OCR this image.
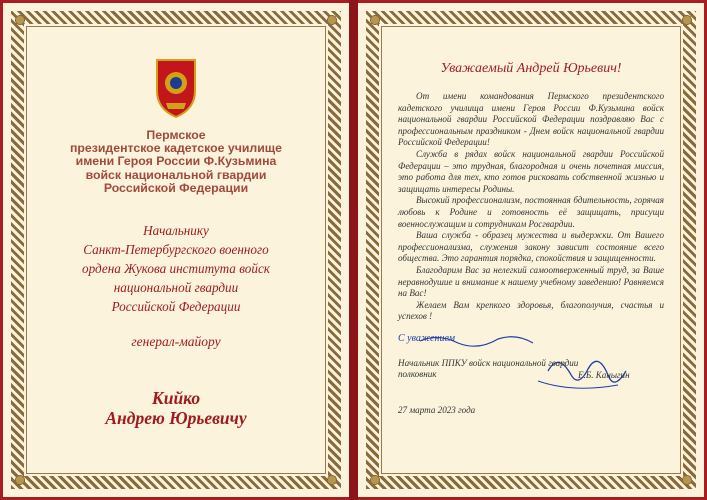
Пермское
президентское кадетское училище
имени Героя России Ф.Кузьмина
войск национальной гвардии
Российской Федерации
Начальнику
Санкт-Петербургского военного
ордена Жукова института войск
национальной гвардии
Российской Федерации
генерал-майору
Кийко
Андрею Юрьевичу
Уважаемый Андрей Юрьевич!

От имени командования Пермского президентского кадетского училища имени Героя России Ф.Кузьмина войск национальной гвардии Российской Федерации поздравляю Вас с профессиональным праздником - Днем войск национальной гвардии Российской Федерации!

Служба в рядах войск национальной гвардии Российской Федерации – это трудная, благородная и очень почетная миссия, это работа для тех, кто готов рисковать собственной жизнью и защищать интересы Родины.

Высокий профессионализм, постоянная бдительность, горячая любовь к Родине и готовность её защищать, присущи военнослужащим и сотрудникам Росгвардии.

Ваша служба - образец мужества и выдержки. От Вашего профессионализма, служения закону зависит состояние всего общества. Это гарантия порядка, спокойствия и защищенности.

Благодарим Вас за нелегкий самоотверженный труд, за Ваше неравнодушие и внимание к нашему учебному заведению! Равняемся на Вас!

Желаем Вам крепкого здоровья, благополучия, счастья и успехов !

С уважением
Начальник ППКУ войск национальной гвардии
полковник	Е.Б. Каныгин
27 марта 2023 года
